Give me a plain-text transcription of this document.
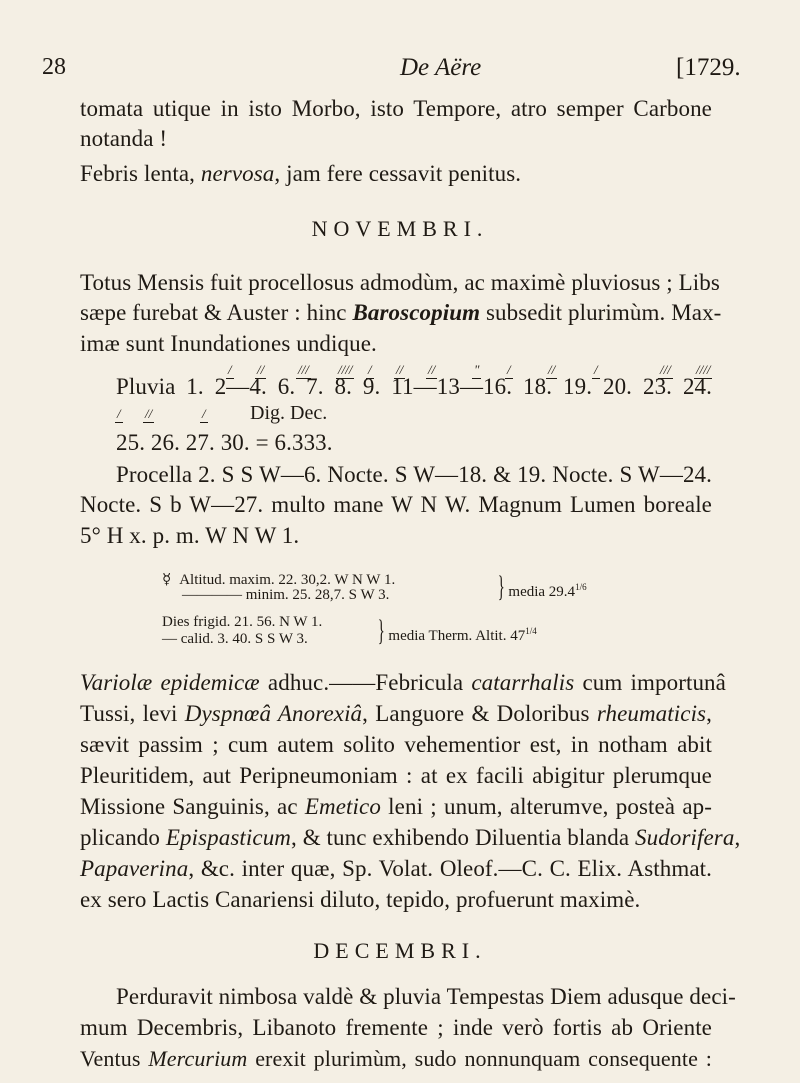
28	De Aëre	[1729.
tomata utique in isto Morbo, isto Tempore, atro semper Carbone
notanda !
Febris lenta, nervosa, jam fere cessavit penitus.
NOVEMBRI.
Totus Mensis fuit procellosus admodùm, ac maximè pluviosus ; Libs
sæpe furebat & Auster : hinc Baroscopium subsedit plurimùm. Max-
imæ sunt Inundationes undique.
/ //	/// //// / // //	" /	//	/	/// ////
Pluvia 1. 2—4. 6. 7. 8. 9. 11—13—16. 18. 19. 20. 23. 24.
/ //	/ Dig. Dec.
25. 26. 27. 30. = 6.333.
Procella 2. S S W—6. Nocte. S W—18. & 19. Nocte. S W—24.
Nocte. S b W—27. multo mane W N W. Magnum Lumen boreale
5° H x. p. m. W N W 1.
☿ Altitud. maxim. 22. 30,2. W N W 1.
———— minim. 25. 28,7. S W 3.	} media $29.4^{1/6}$
Dies frigid. 21. 56. N W 1.
— calid. 3. 40. S S W 3. } media Therm. Altit. $47^{1/4}$
Variolæ epidemicæ adhuc.——Febricula catarrhalis cum importunâ
Tussi, levi Dyspnœâ Anorexiâ, Languore & Doloribus rheumaticis,
sævit passim ; cum autem solito vehementior est, in notham abit
Pleuritidem, aut Peripneumoniam : at ex facili abigitur plerumque
Missione Sanguinis, ac Emetico leni ; unum, alterumve, posteà ap-
plicando Epispasticum, & tunc exhibendo Diluentia blanda Sudorifera,
Papaverina, &c. inter quæ, Sp. Volat. Oleof.—C. C. Elix. Asthmat.
ex sero Lactis Canariensi diluto, tepido, profuerunt maximè.
DECEMBRI.
Perduravit nimbosa valdè & pluvia Tempestas Diem adusque deci-
mum Decembris, Libanoto fremente ; inde verò fortis ab Oriente
Ventus Mercurium erexit plurimùm, sudo nonnunquam consequente :
